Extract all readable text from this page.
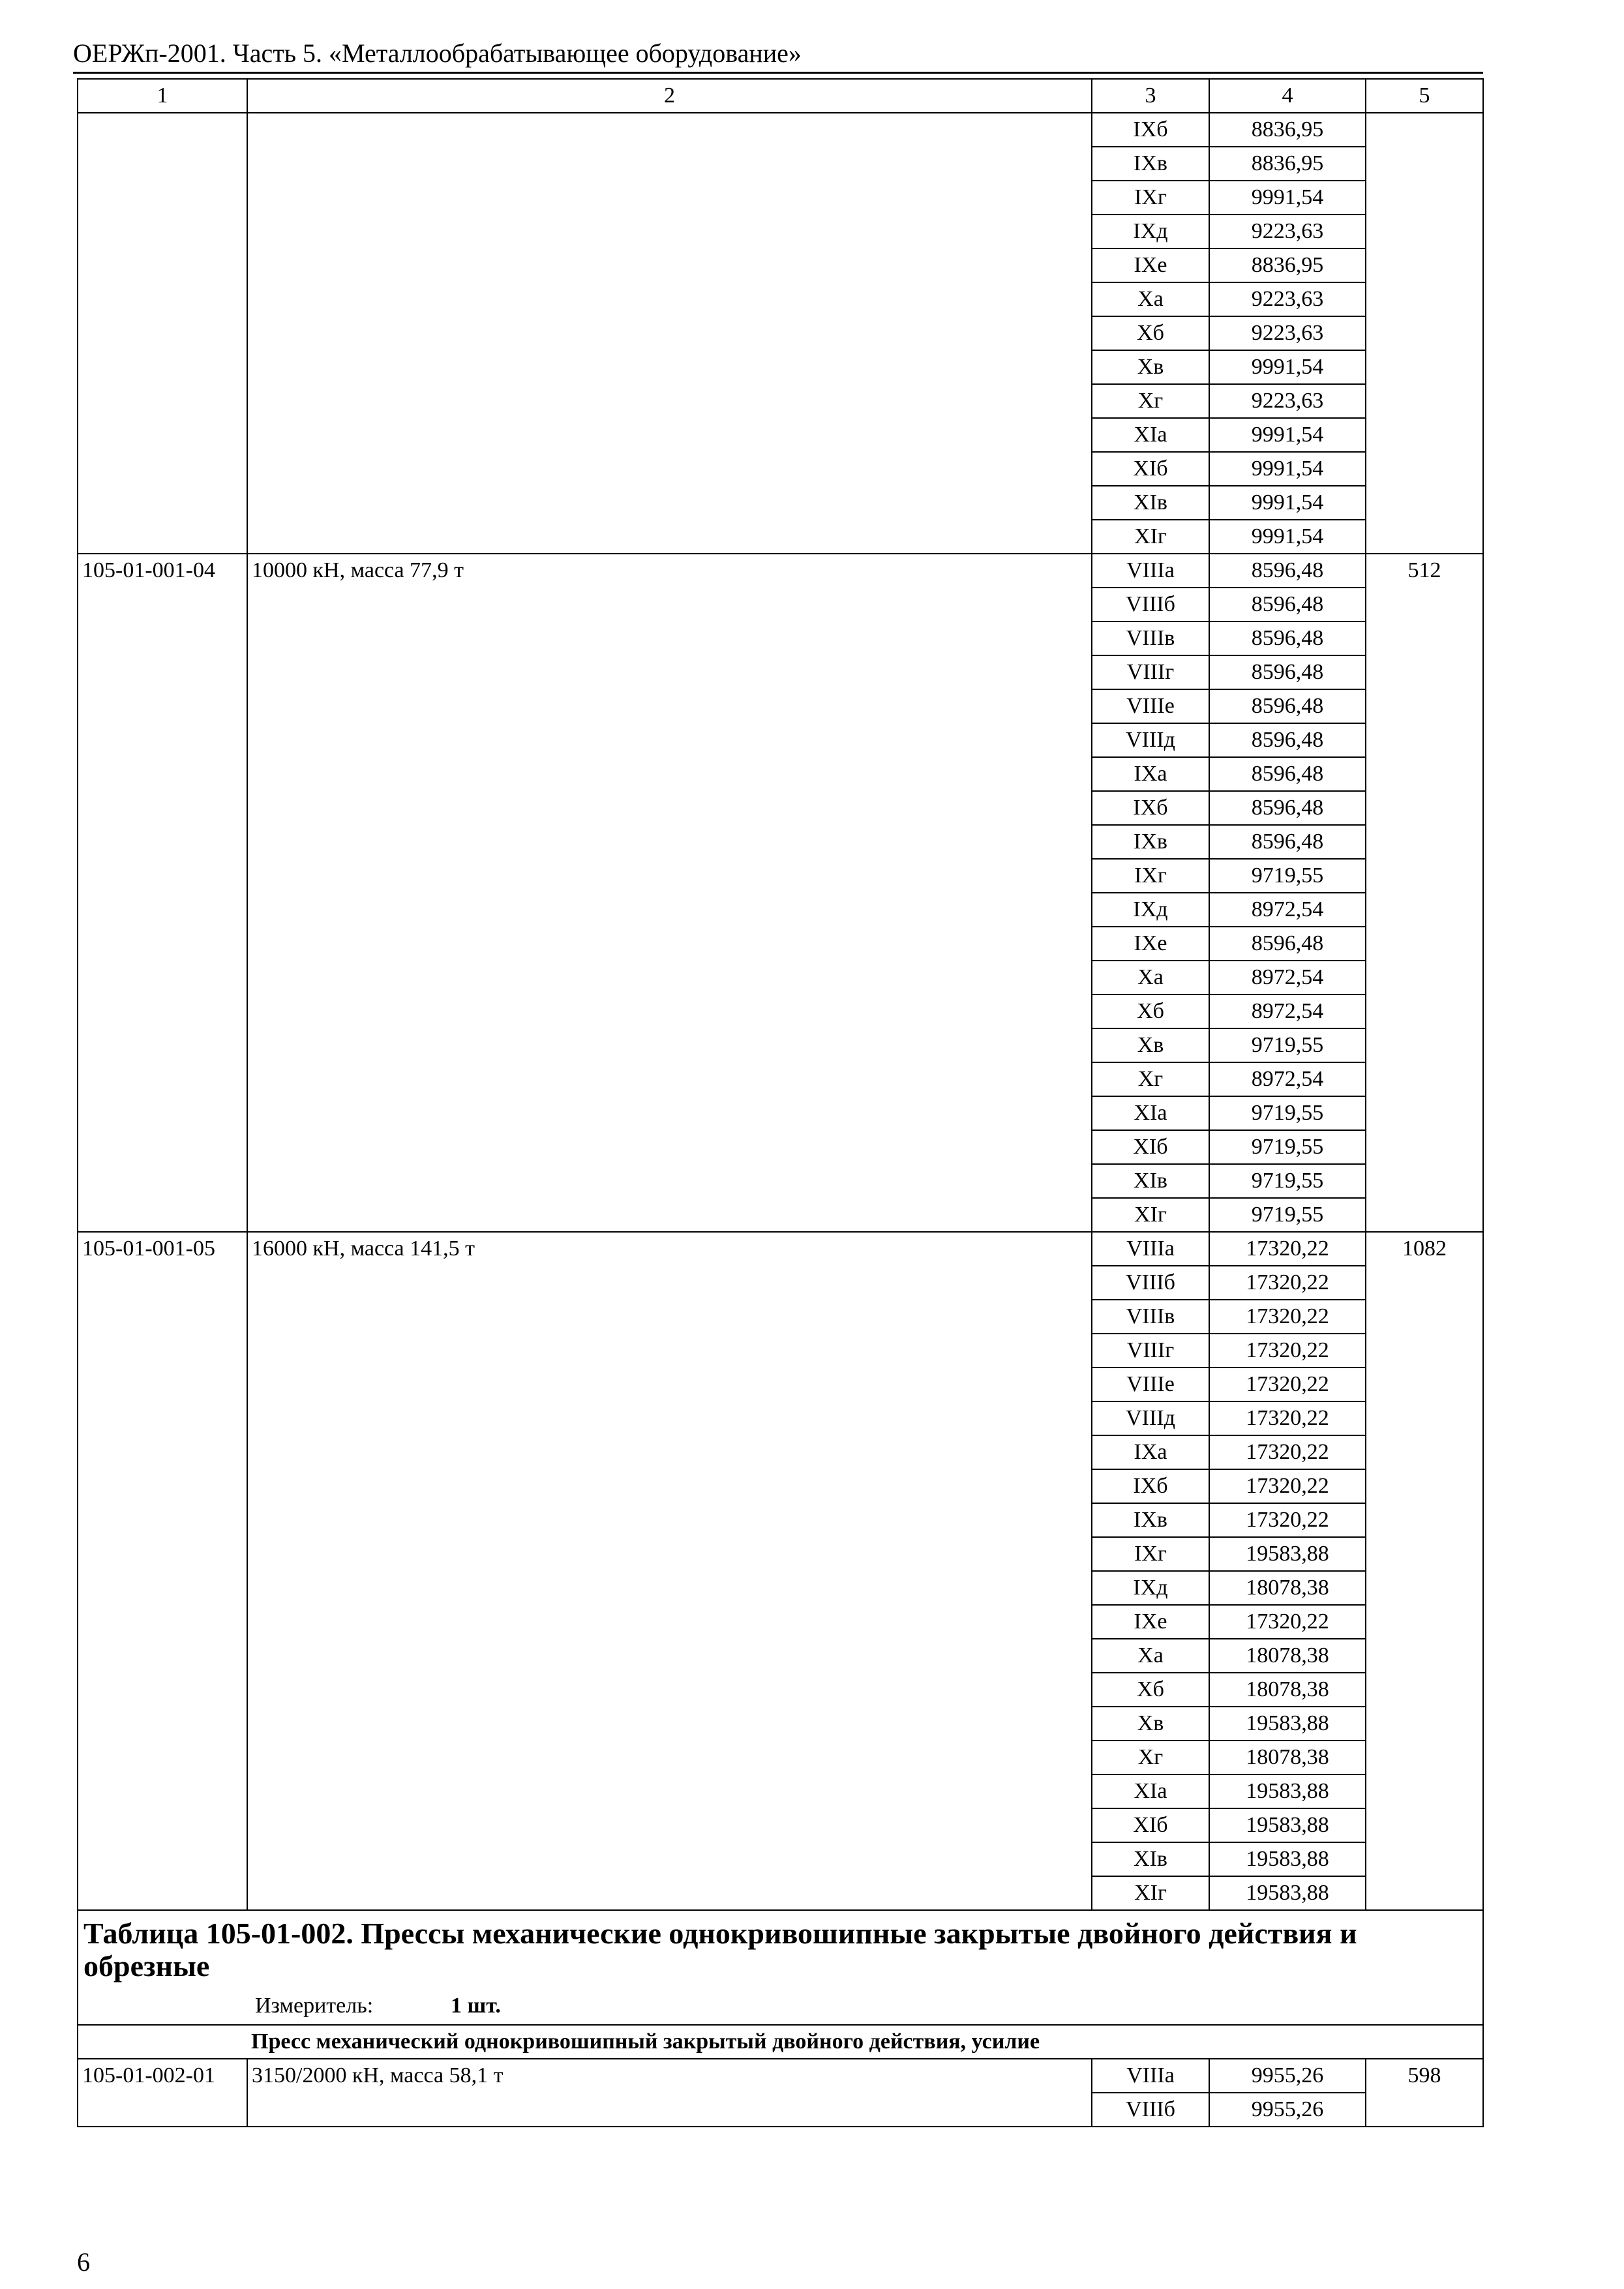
ОЕРЖп-2001. Часть 5. «Металлообрабатывающее оборудование»
1	2	3	4	5
		IXб	8836,95	
		IXв	8836,95	
		IXг	9991,54	
		IXд	9223,63	
		IXе	8836,95	
		Xа	9223,63	
		Xб	9223,63	
		Xв	9991,54	
		Xг	9223,63	
		XIа	9991,54	
		XIб	9991,54	
		XIв	9991,54	
		XIг	9991,54	
105-01-001-04	10000 кН, масса 77,9 т	VIIIа	8596,48	512
		VIIIб	8596,48	
		VIIIв	8596,48	
		VIIIг	8596,48	
		VIIIе	8596,48	
		VIIIд	8596,48	
		IXа	8596,48	
		IXб	8596,48	
		IXв	8596,48	
		IXг	9719,55	
		IXд	8972,54	
		IXе	8596,48	
		Xа	8972,54	
		Xб	8972,54	
		Xв	9719,55	
		Xг	8972,54	
		XIа	9719,55	
		XIб	9719,55	
		XIв	9719,55	
		XIг	9719,55	
105-01-001-05	16000 кН, масса 141,5 т	VIIIа	17320,22	1082
		VIIIб	17320,22	
		VIIIв	17320,22	
		VIIIг	17320,22	
		VIIIе	17320,22	
		VIIIд	17320,22	
		IXа	17320,22	
		IXб	17320,22	
		IXв	17320,22	
		IXг	19583,88	
		IXд	18078,38	
		IXе	17320,22	
		Xа	18078,38	
		Xб	18078,38	
		Xв	19583,88	
		Xг	18078,38	
		XIа	19583,88	
		XIб	19583,88	
		XIв	19583,88	
		XIг	19583,88	
Таблица 105-01-002. Прессы механические однокривошипные закрытые двойного действия и обрезные				
Измеритель: 1 шт.				
Пресс механический однокривошипный закрытый двойного действия, усилие				
105-01-002-01	3150/2000 кН, масса 58,1 т	VIIIа	9955,26	598
		VIIIб	9955,26	
6
